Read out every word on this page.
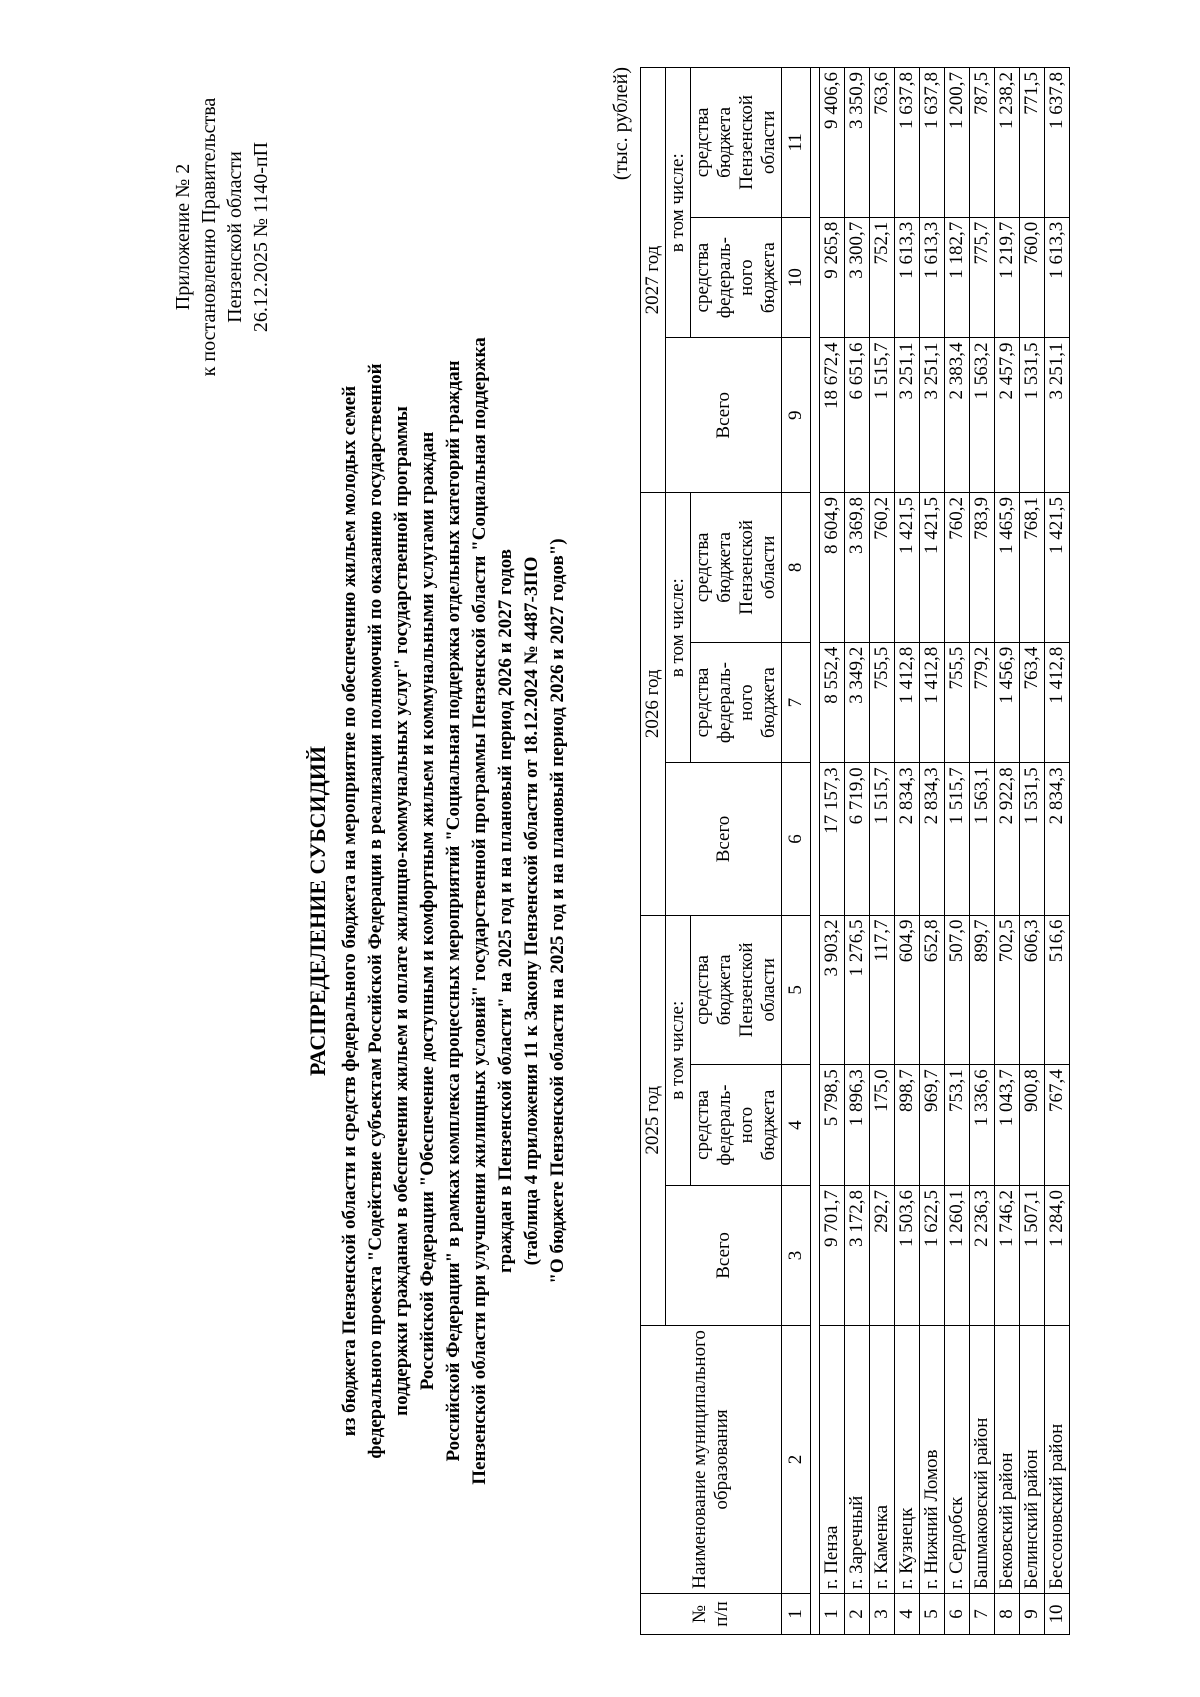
Приложение № 2 к постановлению Правительства Пензенской области 26.12.2025 № 1140-пП
РАСПРЕДЕЛЕНИЕ СУБСИДИЙ из бюджета Пензенской области и средств федерального бюджета на мероприятие по обеспечению жильем молодых семей федерального проекта "Содействие субъектам Российской Федерации в реализации полномочий по оказанию государственной поддержки гражданам в обеспечении жильем и оплате жилищно-коммунальных услуг" государственной программы Российской Федерации "Обеспечение доступным и комфортным жильем и коммунальными услугами граждан Российской Федерации" в рамках комплекса процессных мероприятий "Социальная поддержка отдельных категорий граждан Пензенской области при улучшении жилищных условий" государственной программы Пензенской области "Социальная поддержка граждан в Пензенской области" на 2025 год и на плановый период 2026 и 2027 годов (таблица 4 приложения 11 к Закону Пензенской области от 18.12.2024 № 4487-ЗПО "О бюджете Пензенской области на 2025 год и на плановый период 2026 и 2027 годов")
(тыс. рублей)
№ п/п	Наименование муниципального образования	2025 год			2026 год			2027 год		
		Всего	в том числе:		Всего	в том числе:		Всего	в том числе:	
			средства федераль-ного бюджета	средства бюджета Пензенской области		средства федераль-ного бюджета	средства бюджета Пензенской области		средства федераль-ного бюджета	средства бюджета Пензенской области
1	2	3	4	5	6	7	8	9	10	11

1	г. Пенза	9 701,7	5 798,5	3 903,2	17 157,3	8 552,4	8 604,9	18 672,4	9 265,8	9 406,6
2	г. Заречный	3 172,8	1 896,3	1 276,5	6 719,0	3 349,2	3 369,8	6 651,6	3 300,7	3 350,9
3	г. Каменка	292,7	175,0	117,7	1 515,7	755,5	760,2	1 515,7	752,1	763,6
4	г. Кузнецк	1 503,6	898,7	604,9	2 834,3	1 412,8	1 421,5	3 251,1	1 613,3	1 637,8
5	г. Нижний Ломов	1 622,5	969,7	652,8	2 834,3	1 412,8	1 421,5	3 251,1	1 613,3	1 637,8
6	г. Сердобск	1 260,1	753,1	507,0	1 515,7	755,5	760,2	2 383,4	1 182,7	1 200,7
7	Башмаковский район	2 236,3	1 336,6	899,7	1 563,1	779,2	783,9	1 563,2	775,7	787,5
8	Бековский район	1 746,2	1 043,7	702,5	2 922,8	1 456,9	1 465,9	2 457,9	1 219,7	1 238,2
9	Белинский район	1 507,1	900,8	606,3	1 531,5	763,4	768,1	1 531,5	760,0	771,5
10	Бессоновский район	1 284,0	767,4	516,6	2 834,3	1 412,8	1 421,5	3 251,1	1 613,3	1 637,8
